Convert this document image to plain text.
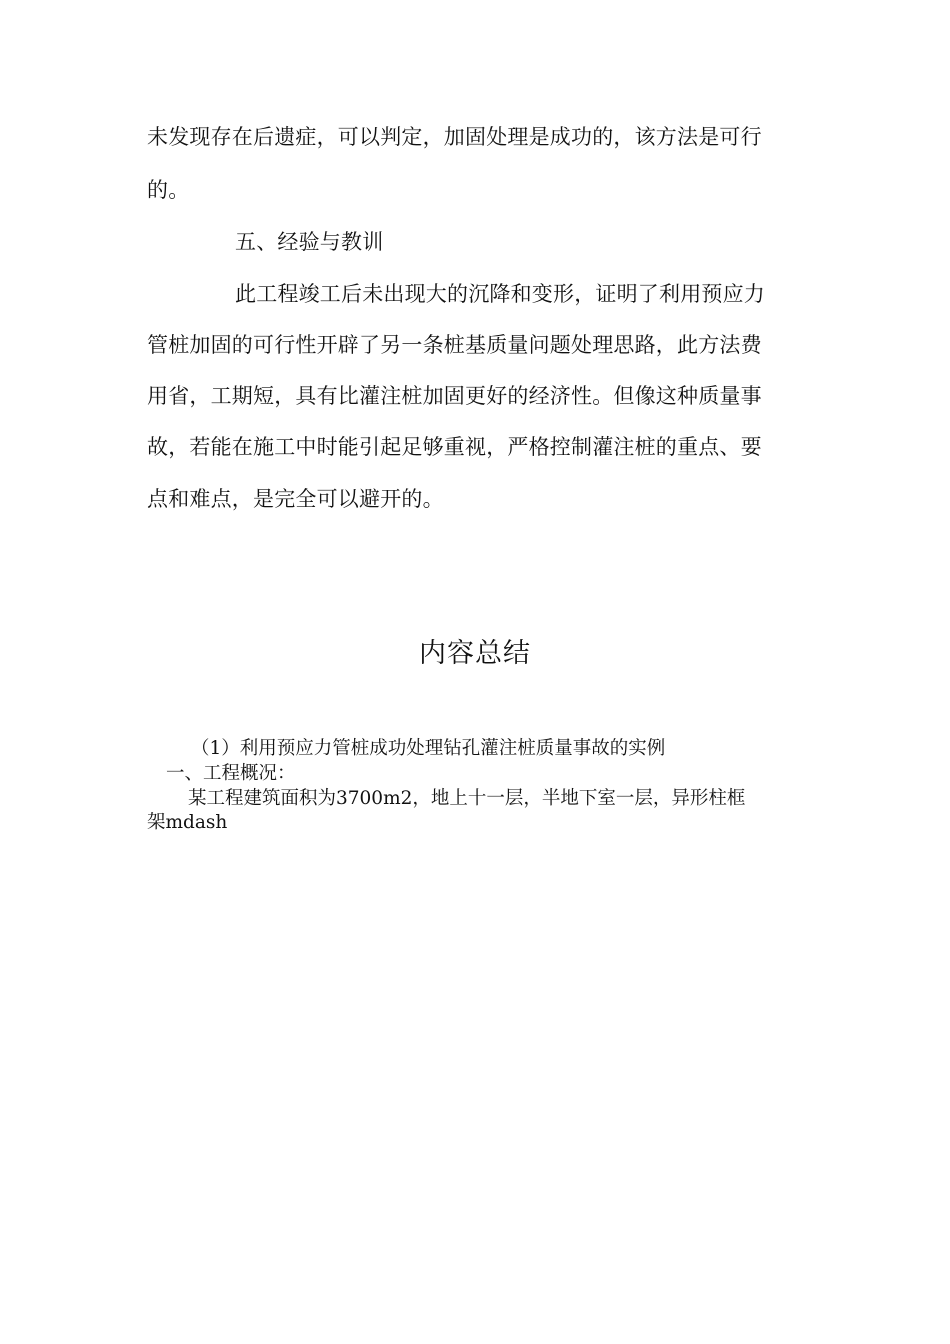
未发现存在后遗症，可以判定，加固处理是成功的，该方法是可行
的。
五、经验与教训
此工程竣工后未出现大的沉降和变形，证明了利用预应力
管桩加固的可行性开辟了另一条桩基质量问题处理思路，此方法费
用省，工期短，具有比灌注桩加固更好的经济性。但像这种质量事
故，若能在施工中时能引起足够重视，严格控制灌注桩的重点、要
点和难点，是完全可以避开的。
内容总结
（1）利用预应力管桩成功处理钻孔灌注桩质量事故的实例
一、工程概况：
某工程建筑面积为3700m2，地上十一层，半地下室一层，异形柱框
架mdash
